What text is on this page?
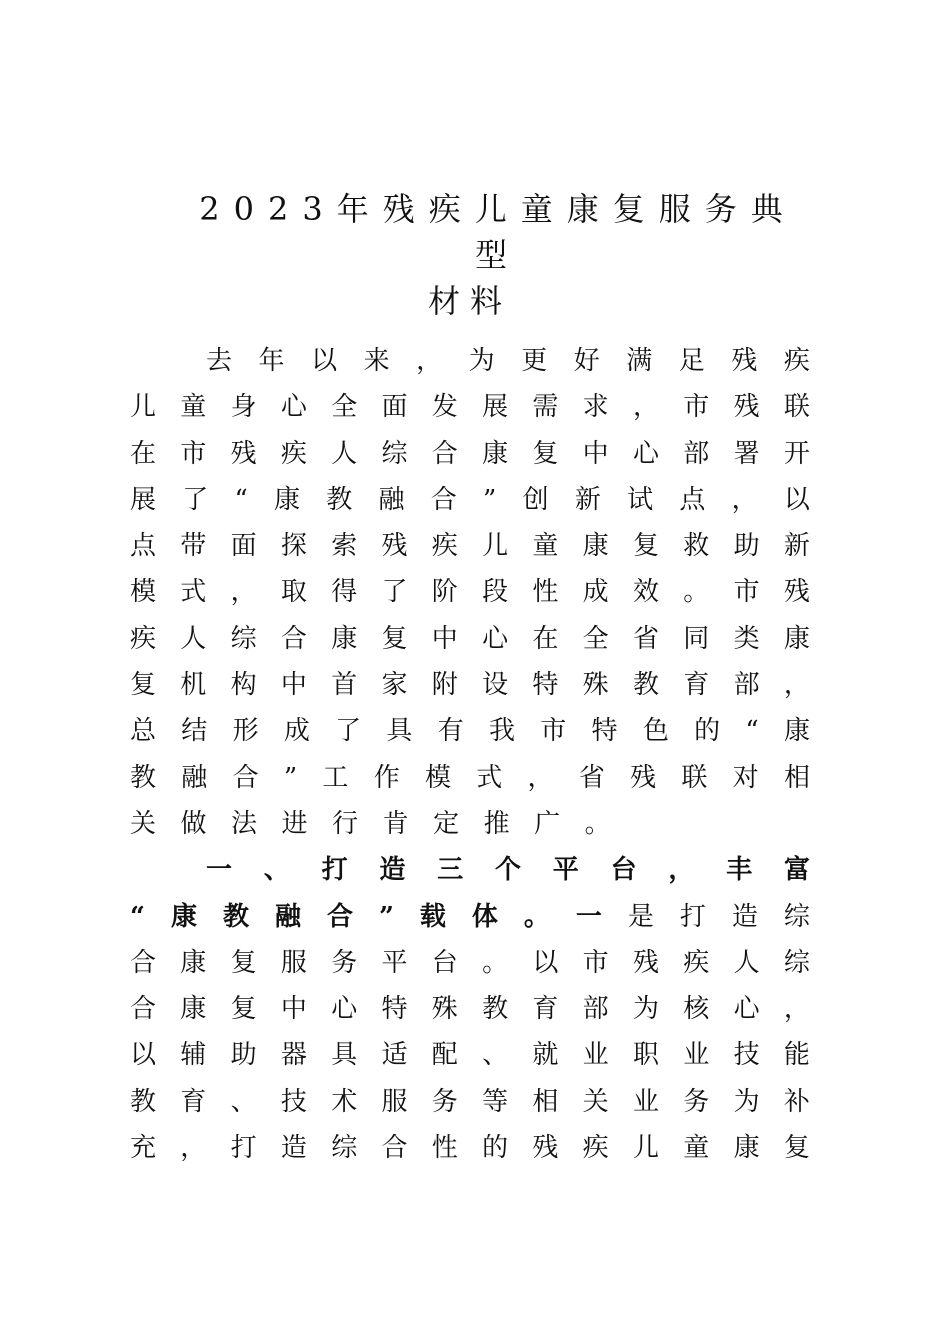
2023年残疾儿童康复服务典型
材料
去 年 以 来 ， 为 更 好 满 足 残 疾
儿 童 身 心 全 面 发 展 需 求 ， 市 残 联
在 市 残 疾 人 综 合 康 复 中 心 部 署 开
展 了 “ 康 教 融 合 ” 创 新 试 点 ， 以
点 带 面 探 索 残 疾 儿 童 康 复 救 助 新
模 式 ， 取 得 了 阶 段 性 成 效 。 市 残
疾 人 综 合 康 复 中 心 在 全 省 同 类 康
复 机 构 中 首 家 附 设 特 殊 教 育 部 ，
总 结 形 成 了 具 有 我 市 特 色 的 “ 康
教 融 合 ” 工 作 模 式 ， 省 残 联 对 相
关 做 法 进 行 肯 定 推 广 。
一 、 打 造 三 个 平 台 ， 丰 富
“ 康 教 融 合 ” 载 体 。 一 是 打 造 综
合 康 复 服 务 平 台 。 以 市 残 疾 人 综
合 康 复 中 心 特 殊 教 育 部 为 核 心 ，
以 辅 助 器 具 适 配 、 就 业 职 业 技 能
教 育 、 技 术 服 务 等 相 关 业 务 为 补
充 ， 打 造 综 合 性 的 残 疾 儿 童 康 复
